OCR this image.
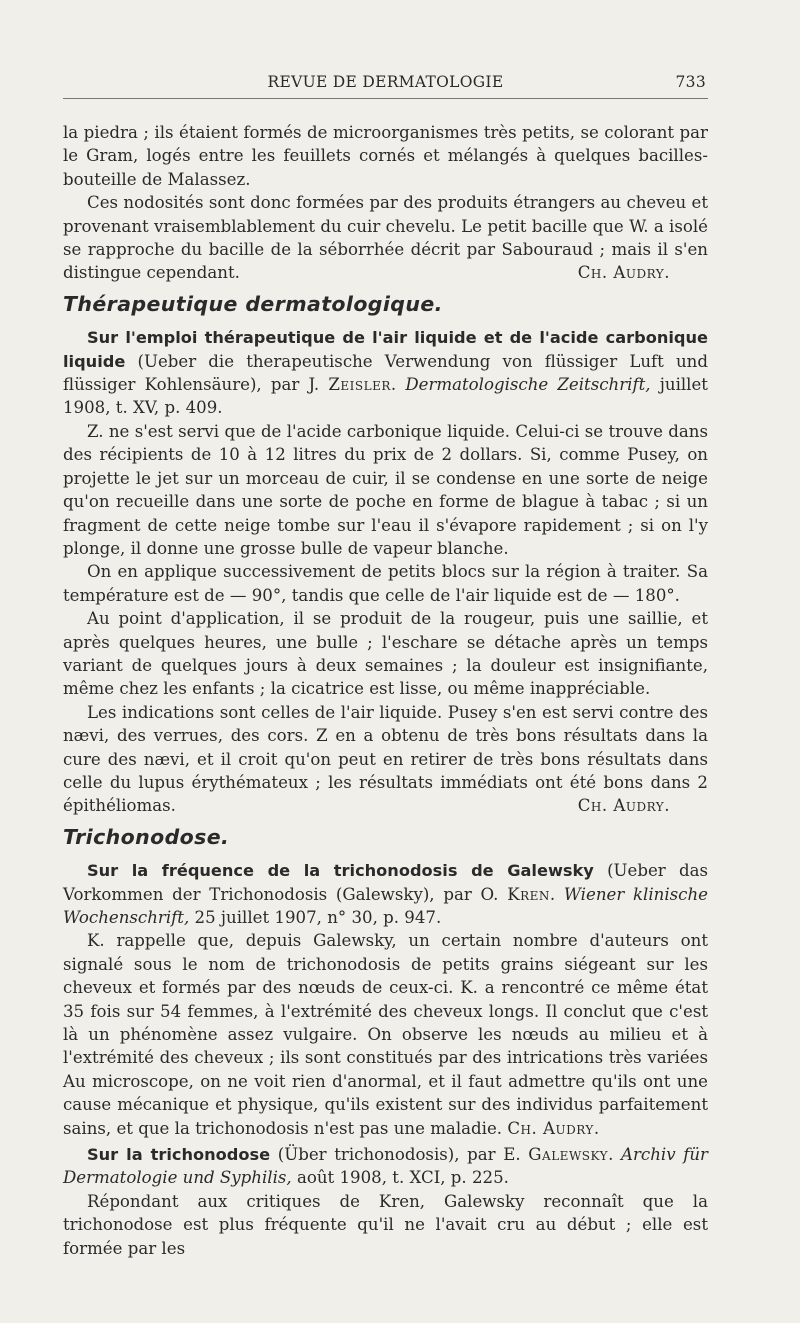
REVUE DE DERMATOLOGIE	733

la piedra ; ils étaient formés de microorganismes très petits, se colorant par le Gram, logés entre les feuillets cornés et mélangés à quelques bacilles-bouteille de Malassez.

Ces nodosités sont donc formées par des produits étrangers au cheveu et provenant vraisemblablement du cuir chevelu. Le petit bacille que W. a isolé se rapproche du bacille de la séborrhée décrit par Sabouraud ; mais il s'en distingue cependant.	Ch. Audry.

Thérapeutique dermatologique.

Sur l'emploi thérapeutique de l'air liquide et de l'acide carbonique liquide (Ueber die therapeutische Verwendung von flüssiger Luft und flüssiger Kohlensäure), par J. Zeisler. Dermatologische Zeitschrift, juillet 1908, t. XV, p. 409.

Z. ne s'est servi que de l'acide carbonique liquide. Celui-ci se trouve dans des récipients de 10 à 12 litres du prix de 2 dollars. Si, comme Pusey, on projette le jet sur un morceau de cuir, il se condense en une sorte de neige qu'on recueille dans une sorte de poche en forme de blague à tabac ; si un fragment de cette neige tombe sur l'eau il s'évapore rapidement ; si on l'y plonge, il donne une grosse bulle de vapeur blanche.

On en applique successivement de petits blocs sur la région à traiter. Sa température est de — 90°, tandis que celle de l'air liquide est de — 180°.

Au point d'application, il se produit de la rougeur, puis une saillie, et après quelques heures, une bulle ; l'eschare se détache après un temps variant de quelques jours à deux semaines ; la douleur est insignifiante, même chez les enfants ; la cicatrice est lisse, ou même inappréciable.

Les indications sont celles de l'air liquide. Pusey s'en est servi contre des nævi, des verrues, des cors. Z en a obtenu de très bons résultats dans la cure des nævi, et il croit qu'on peut en retirer de très bons résultats dans celle du lupus érythémateux ; les résultats immédiats ont été bons dans 2 épithéliomas.	Ch. Audry.

Trichonodose.

Sur la fréquence de la trichonodosis de Galewsky (Ueber das Vorkommen der Trichonodosis (Galewsky), par O. Kren. Wiener klinische Wochenschrift, 25 juillet 1907, n° 30, p. 947.

K. rappelle que, depuis Galewsky, un certain nombre d'auteurs ont signalé sous le nom de trichonodosis de petits grains siégeant sur les cheveux et formés par des nœuds de ceux-ci. K. a rencontré ce même état 35 fois sur 54 femmes, à l'extrémité des cheveux longs. Il conclut que c'est là un phénomène assez vulgaire. On observe les nœuds au milieu et à l'extrémité des cheveux ; ils sont constitués par des intrications très variées Au microscope, on ne voit rien d'anormal, et il faut admettre qu'ils ont une cause mécanique et physique, qu'ils existent sur des individus parfaitement sains, et que la trichonodosis n'est pas une maladie. Ch. Audry.

Sur la trichonodose (Über trichonodosis), par E. Galewsky. Archiv für Dermatologie und Syphilis, août 1908, t. XCI, p. 225.

Répondant aux critiques de Kren, Galewsky reconnaît que la trichonodose est plus fréquente qu'il ne l'avait cru au début ; elle est formée par les
